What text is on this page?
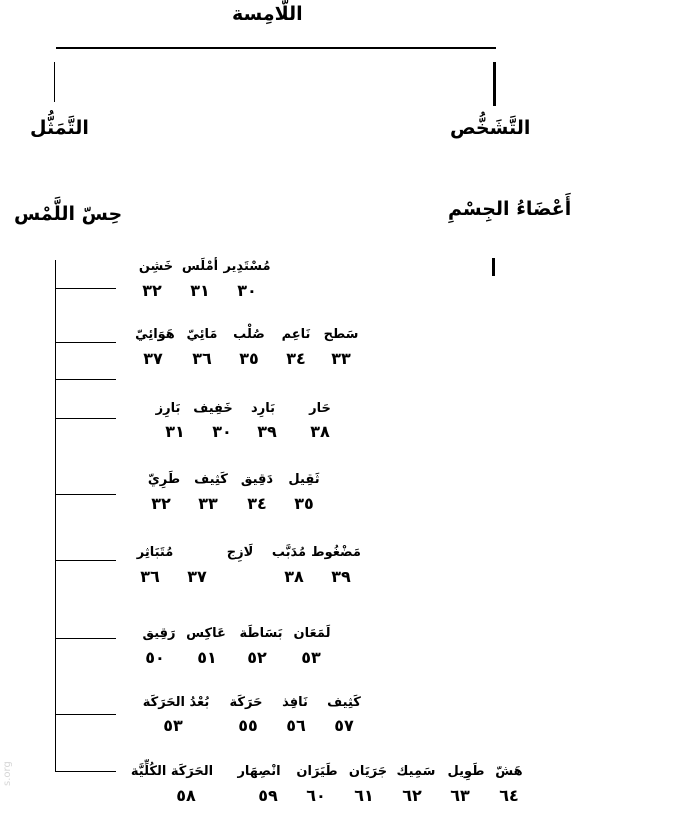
اللّامِسة
التَّشَخُّص
أَعْضَاءُ الجِسْمِ
التَّمَثُّل
حِسّ اللَّمْس
مُسْتَدِير
أمْلَس
خَشِن
٣٠
٣١
٣٢
سَطح
نَاعِم
صُلْب
مَائِيّ
هَوَائِيّ
٣٣
٣٤
٣٥
٣٦
٣٧
حَار
بَارِد
خَفِيف
بَارِز
٣٨
٣٩
٣٠
٣١
ثَقِيل
دَقِيق
كَثِيف
طَرِيّ
٣٥
٣٤
٣٣
٣٢
مَضْغُوط
مُدَبَّب
لَازِج
مُتَبَاثِر
٣٩
٣٨
٣٧
٣٦
لَمَعَان
بَسَاطَة
عَاكِس
رَقِيق
٥٣
٥٢
٥١
٥٠
كَثِيف
نَافِذ
حَرَكَة
بُعْدُ الحَرَكَة
٥٧
٥٦
٥٥
٥٣
هَشّ
طَوِيل
سَمِيك
جَرَيَان
طَيَرَان
انْصِهَار
الحَرَكَة الكُلِّيَّة
٦٤
٦٣
٦٢
٦١
٦٠
٥٩
٥٨
s.org
